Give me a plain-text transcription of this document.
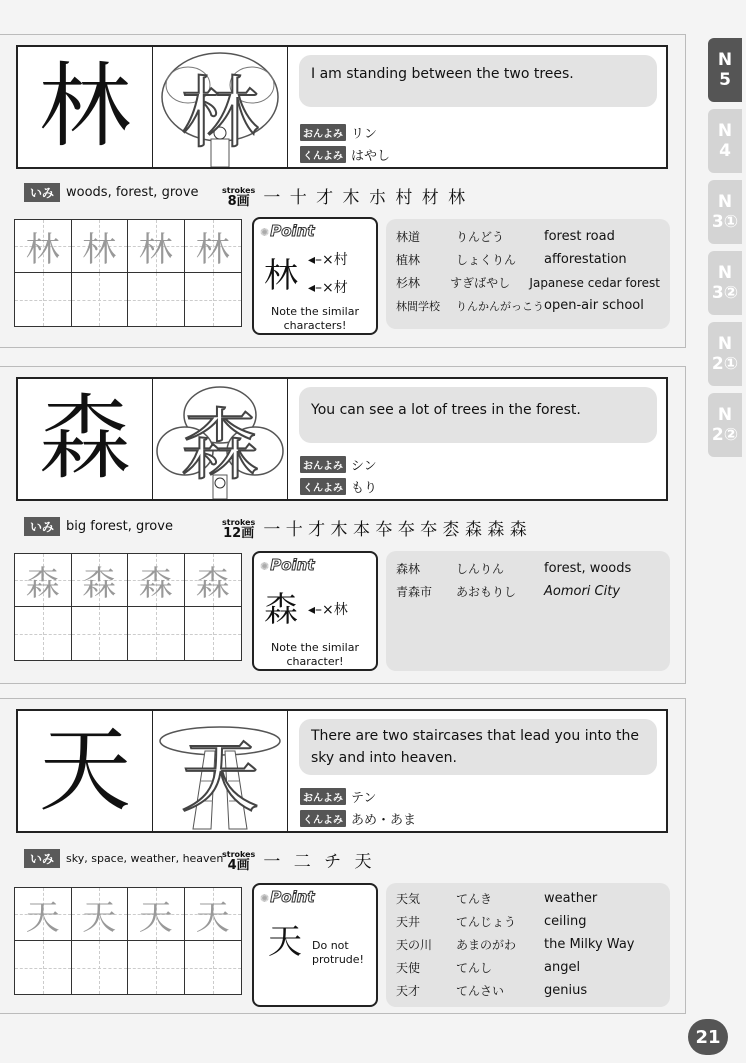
林 林	I am standing between the two trees.
おんよみ リン
くんよみ はやし
いみ woods, forest, grove	strokes
8画 一 十 才 木 朩 村 材 林
林 林 林 林	✺Point
林 ◂–×村
◂–×材
Note the similar characters!
林道	りんどう	forest road
植林	しょくりん	afforestation
杉林	すぎばやし	Japanese cedar forest
林間学校	りんかんがっこう open-air school
森 森	You can see a lot of trees in the forest.
おんよみ シン
くんよみ もり
いみ big forest, grove	strokes
12画 一 十 才 木 本 夲 夲 夲 枩 森 森 森
森 森 森 森	✺Point
森 ◂–×林
Note the similar character!
森林	しんりん	forest, woods
青森市	あおもりし	Aomori City
天 天	There are two staircases that lead you into the sky and into heaven.
おんよみ テン
くんよみ あめ・あま
いみ	sky, space, weather, heaven
strokes
4画 一 二 チ 天
天 天 天 天	✺Point
天 Do not protrude!
天気	てんき	weather
天井	てんじょう	ceiling
天の川	あまのがわ	the Milky Way
天使	てんし	angel
天才	てんさい	genius
N
5
N
4
N
3①
N
3②
N
2①
N
2②
21
